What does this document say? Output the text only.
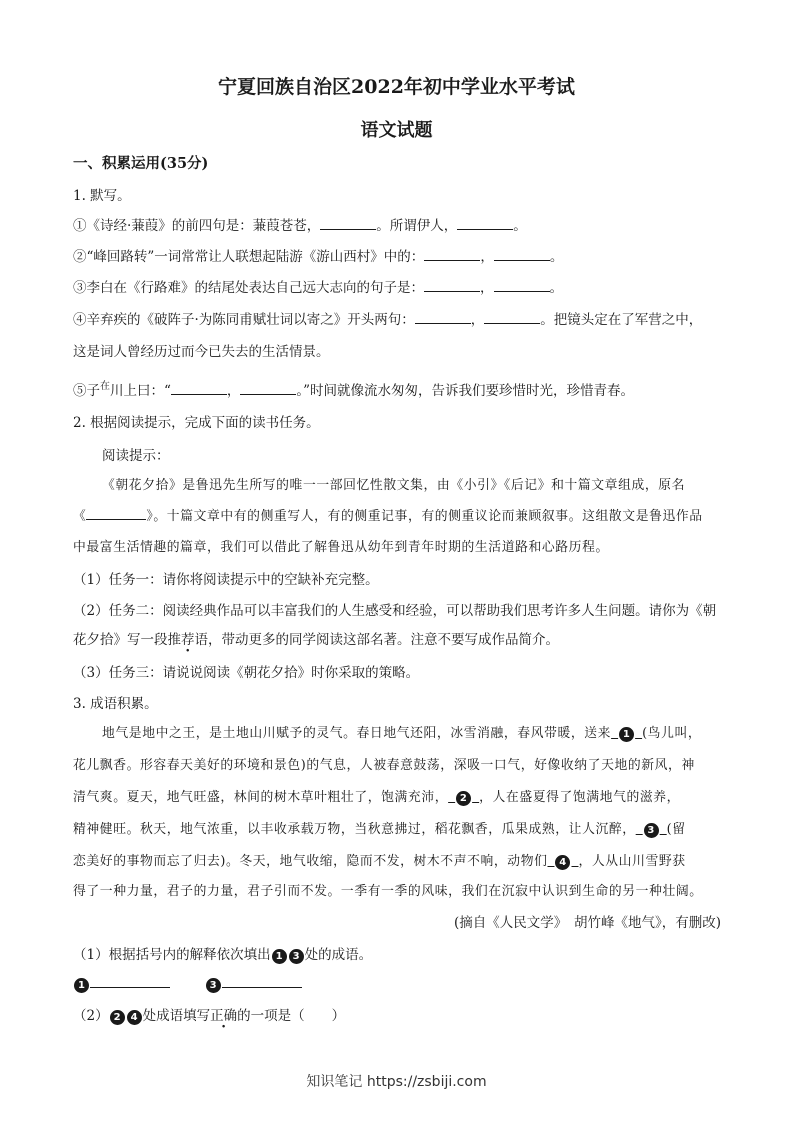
宁夏回族自治区2022年初中学业水平考试
语文试题
一、积累运用(35分)
1. 默写。
①《诗经·蒹葭》的前四句是：蒹葭苍苍，	。所谓伊人，	。
②“峰回路转”一词常常让人联想起陆游《游山西村》中的：	，	。
③李白在《行路难》的结尾处表达自己远大志向的句子是：	，	。
④辛弃疾的《破阵子·为陈同甫赋壮词以寄之》开头两句：	，	。把镜头定在了军营之中，
这是词人曾经历过而今已失去的生活情景。
⑤子$^在$川上曰：“	，	。”时间就像流水匆匆，告诉我们要珍惜时光，珍惜青春。
2. 根据阅读提示，完成下面的读书任务。
阅读提示：
《朝花夕拾》是鲁迅先生所写的唯一一部回忆性散文集，由《小引》《后记》和十篇文章组成，原名
《	》。十篇文章中有的侧重写人，有的侧重记事，有的侧重议论而兼顾叙事。这组散文是鲁迅作品
中最富生活情趣的篇章，我们可以借此了解鲁迅从幼年到青年时期的生活道路和心路历程。
（1）任务一：请你将阅读提示中的空缺补充完整。
（2）任务二：阅读经典作品可以丰富我们的人生感受和经验，可以帮助我们思考许多人生问题。请你为《朝
花夕拾》写一段推荐语，带动更多的同学阅读这部名著。注意不要写成作品简介。
（3）任务三：请说说阅读《朝花夕拾》时你采取的策略。
3. 成语积累。
地气是地中之王，是土地山川赋予的灵气。春日地气还阳，冰雪消融，春风带暖，送来  1  (鸟儿叫，
花儿飘香。形容春天美好的环境和景色)的气息，人被春意鼓荡，深吸一口气，好像收纳了天地的新风，神
清气爽。夏天，地气旺盛，林间的树木草叶粗壮了，饱满充沛，  2  ，人在盛夏得了饱满地气的滋养，
精神健旺。秋天，地气浓重，以丰收承载万物，当秋意拂过，稻花飘香，瓜果成熟，让人沉醉，  3  (留
恋美好的事物而忘了归去)。冬天，地气收缩，隐而不发，树木不声不响，动物们  4  ，人从山川雪野获
得了一种力量，君子的力量，君子引而不发。一季有一季的风味，我们在沉寂中认识到生命的另一种壮阔。
(摘自《人民文学》　胡竹峰《地气》，有删改)
（1）根据括号内的解释依次填出 1 3 处的成语。
1	3
（2） 2 4 处成语填写正确的一项是（　　）
知识笔记 https://zsbiji.com
